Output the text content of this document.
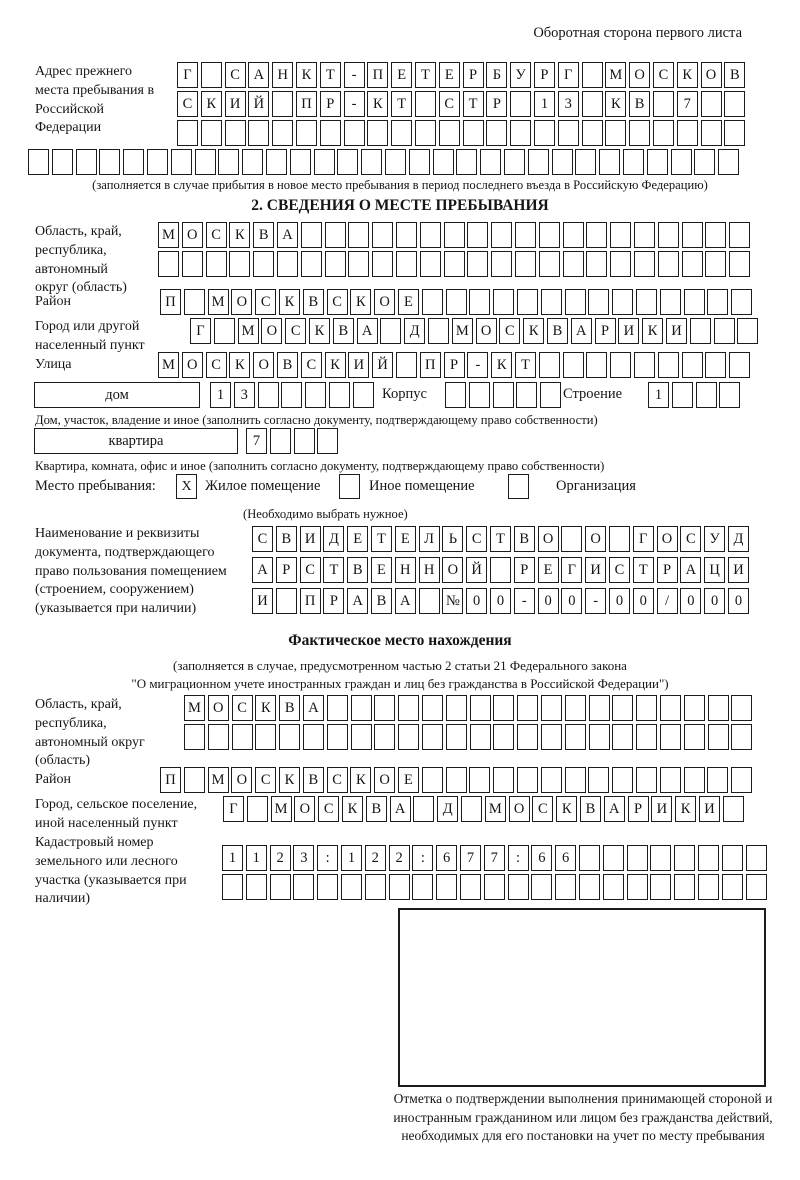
Оборотная сторона первого листа
Адрес прежнего места пребывания в Российской Федерации
Г	С А Н К	Т	-	П Е	Т	Е	Р	Б	У	Р	Г	М О С К О В
С К И Й	П	Р	-	К	Т	С	Т	Р	1	3	К В	7
(заполняется в случае прибытия в новое место пребывания в период последнего въезда в Российскую Федерацию)
2. СВЕДЕНИЯ О МЕСТЕ ПРЕБЫВАНИЯ
Область, край, республика, автономный округ (область)
М О С К В А
Район	П	М О С К В С К О Е
Город или другой населенный пункт
Г	М О С К В А	Д	М О С К В А	Р	И К И
Улица	М О С К О В С К И Й	П	Р	-	К	Т
дом	1	3	Корпус	Строение	1
Дом, участок, владение и иное (заполнить согласно документу, подтверждающему право собственности)
квартира	7
Квартира, комната, офис и иное (заполнить согласно документу, подтверждающему право собственности)
Место пребывания:	X Жилое помещение	Иное помещение	Организация
(Необходимо выбрать нужное)
Наименование и реквизиты документа, подтверждающего право пользования помещением (строением, сооружением) (указывается при наличии)
С В И Д Е	Т	Е Л	Ь	С	Т	В О	О	Г О С У Д
А	Р	С	Т	В	Е Н Н О Й	Р	Е	Г И С	Т	Р	А Ц И
И	П	Р	А В А	№ 0	0	-	0	0	-	0	0	/	0	0	0
Фактическое место нахождения
(заполняется в случае, предусмотренном частью 2 статьи 21 Федерального закона
"О миграционном учете иностранных граждан и лиц без гражданства в Российской Федерации")
Область, край, республика, автономный округ (область)
М О С К В А
Район	П	М О С К В С К О Е
Город, сельское поселение, иной населенный пункт
Г	М О С К В А	Д	М О С К В А	Р	И К И
Кадастровый номер земельного или лесного участка (указывается при наличии)
1	1	2	3	:	1	2	2	:	6	7	7	:	6	6
Отметка о подтверждении выполнения принимающей стороной и иностранным гражданином или лицом без гражданства действий, необходимых для его постановки на учет по месту пребывания
